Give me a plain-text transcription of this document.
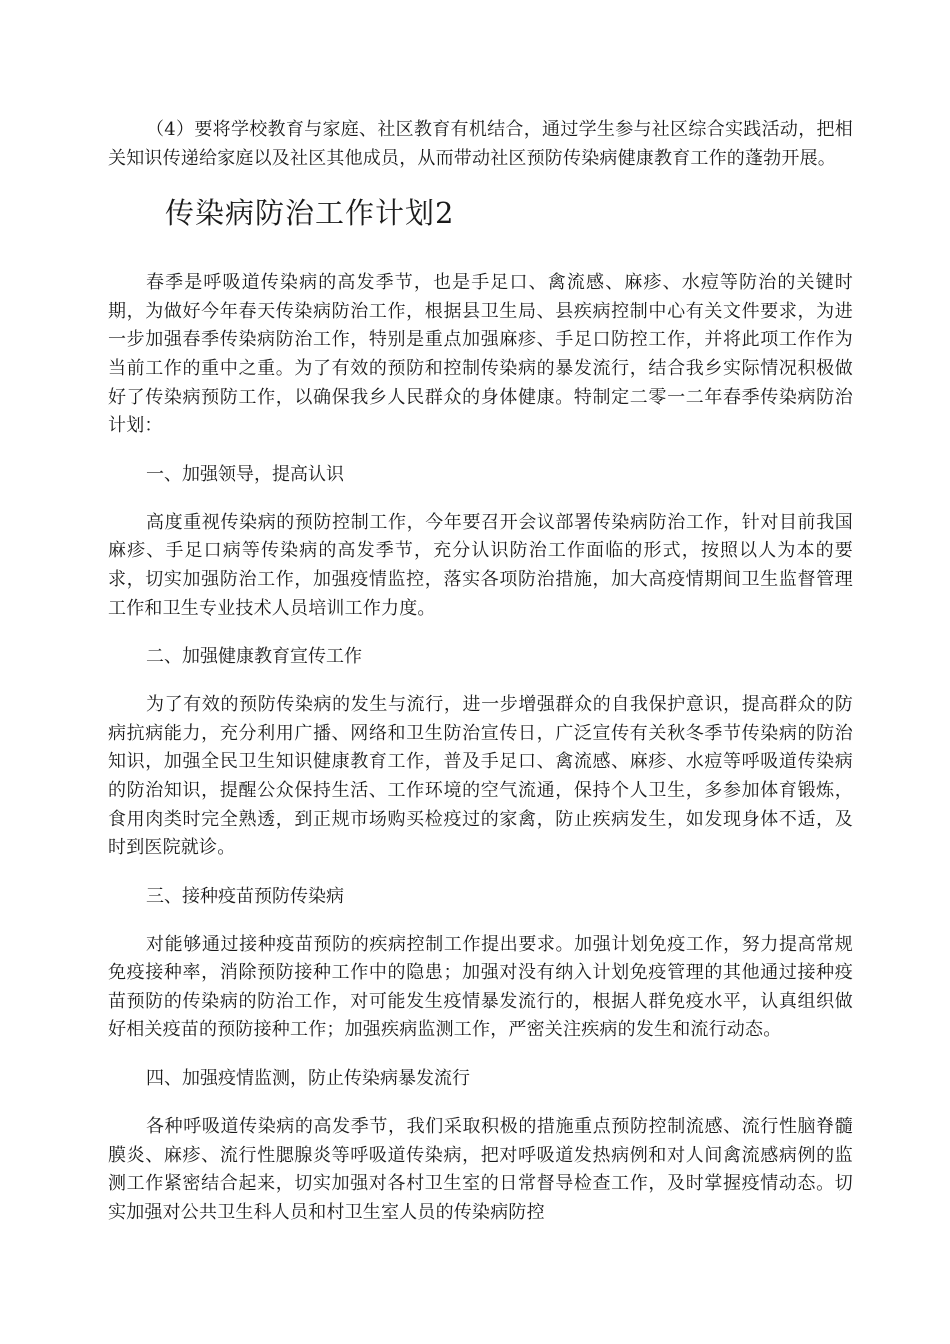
（4）要将学校教育与家庭、社区教育有机结合，通过学生参与社区综合实践活动，把相关知识传递给家庭以及社区其他成员，从而带动社区预防传染病健康教育工作的蓬勃开展。

传染病防治工作计划2

春季是呼吸道传染病的高发季节，也是手足口、禽流感、麻疹、水痘等防治的关键时期，为做好今年春天传染病防治工作，根据县卫生局、县疾病控制中心有关文件要求，为进一步加强春季传染病防治工作，特别是重点加强麻疹、手足口防控工作，并将此项工作作为当前工作的重中之重。为了有效的预防和控制传染病的暴发流行，结合我乡实际情况积极做好了传染病预防工作，以确保我乡人民群众的身体健康。特制定二零一二年春季传染病防治计划：

一、加强领导，提高认识

高度重视传染病的预防控制工作，今年要召开会议部署传染病防治工作，针对目前我国麻疹、手足口病等传染病的高发季节，充分认识防治工作面临的形式，按照以人为本的要求，切实加强防治工作，加强疫情监控，落实各项防治措施，加大高疫情期间卫生监督管理工作和卫生专业技术人员培训工作力度。

二、加强健康教育宣传工作

为了有效的预防传染病的发生与流行，进一步增强群众的自我保护意识，提高群众的防病抗病能力，充分利用广播、网络和卫生防治宣传日，广泛宣传有关秋冬季节传染病的防治知识，加强全民卫生知识健康教育工作，普及手足口、禽流感、麻疹、水痘等呼吸道传染病的防治知识，提醒公众保持生活、工作环境的空气流通，保持个人卫生，多参加体育锻炼，食用肉类时完全熟透，到正规市场购买检疫过的家禽，防止疾病发生，如发现身体不适，及时到医院就诊。

三、接种疫苗预防传染病

对能够通过接种疫苗预防的疾病控制工作提出要求。加强计划免疫工作，努力提高常规免疫接种率，消除预防接种工作中的隐患；加强对没有纳入计划免疫管理的其他通过接种疫苗预防的传染病的防治工作，对可能发生疫情暴发流行的，根据人群免疫水平，认真组织做好相关疫苗的预防接种工作；加强疾病监测工作，严密关注疾病的发生和流行动态。

四、加强疫情监测，防止传染病暴发流行

各种呼吸道传染病的高发季节，我们采取积极的措施重点预防控制流感、流行性脑脊髓膜炎、麻疹、流行性腮腺炎等呼吸道传染病，把对呼吸道发热病例和对人间禽流感病例的监测工作紧密结合起来，切实加强对各村卫生室的日常督导检查工作，及时掌握疫情动态。切实加强对公共卫生科人员和村卫生室人员的传染病防控
